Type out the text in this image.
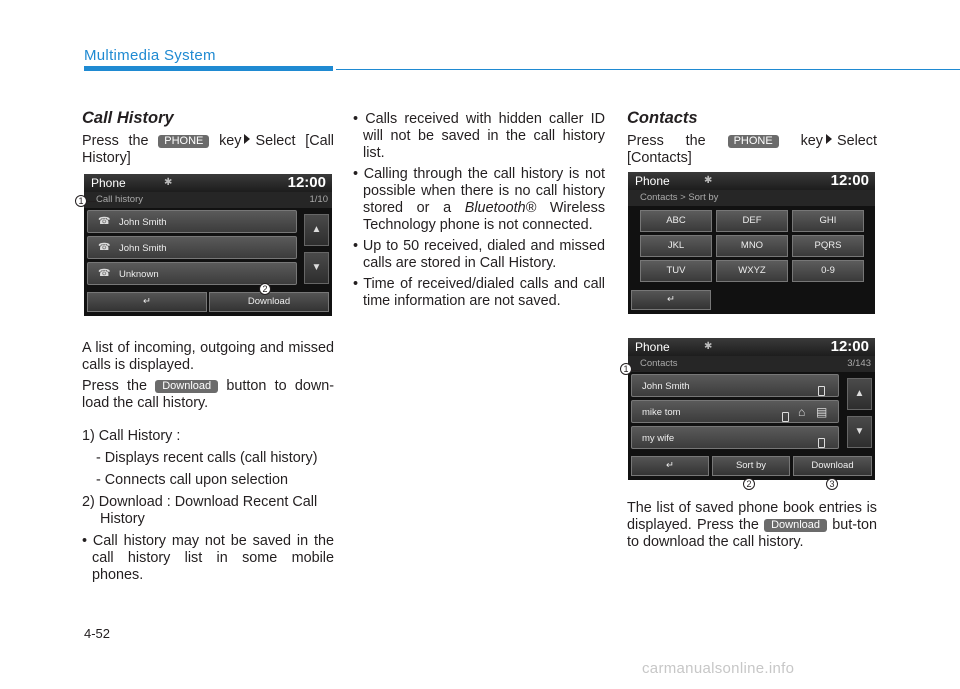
Multimedia System
Call History
Press the PHONE key Select [Call History]
Phone	✱	12:00
Call history	1/10
☎ John Smith
☎ John Smith
☎ Unknown
▲
▼
↵	Download
1
2
A list of incoming, outgoing and missed calls is displayed.
Press the Download button to down-load the call history.
1) Call History :
- Displays recent calls (call history)
- Connects call upon selection
2) Download : Download Recent Call History
• Call history may not be saved in the call history list in some mobile phones.
• Calls received with hidden caller ID will not be saved in the call history list.
• Calling through the call history is not possible when there is no call history stored or a Bluetooth® Wireless Technology phone is not connected.
• Up to 50 received, dialed and missed calls are stored in Call History.
• Time of received/dialed calls and call time information are not saved.
Contacts
Press the	PHONE key Select [Contacts]
Phone	✱	12:00
Contacts > Sort by
ABC	DEF	GHI
JKL	MNO	PQRS
TUV	WXYZ	0-9
↵
Phone	✱	12:00
Contacts	3/143
John Smith
mike tom	⌂ ▤
my wife
▲
▼
↵	Sort by	Download
1
2	3
The list of saved phone book entries is displayed. Press the Download but-ton to download the call history.
4-52
carmanualsonline.info
